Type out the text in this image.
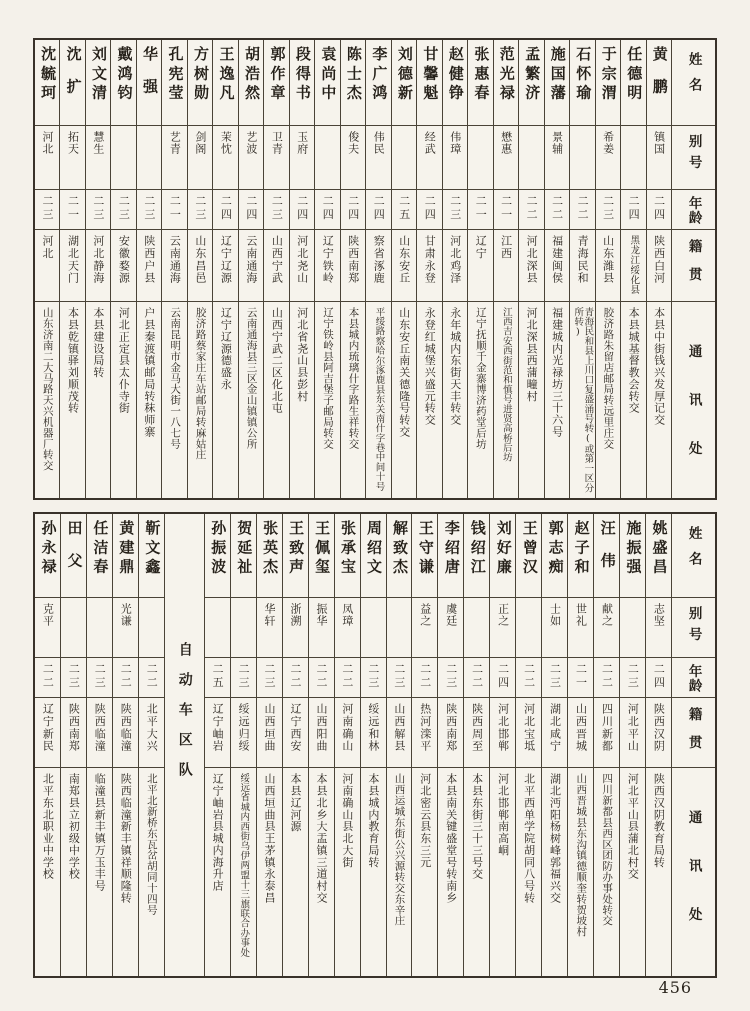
姓名
别号
年龄
籍贯
通讯处
黄鹏
镇国
二四
陕西白河
本县中街钱兴发厚记交
任德明
二四
黑龙江绥化县
本县城基督教会转交
于宗渭
希姜
二三
山东潍县
胶济路朱留店邮局转远里庄交
石怀瑜
二二
青海民和
青海民和县上川口复盛涌号转(或第一区分所转)
施国藩
景辅
二二
福建闽侯
福建城内光禄坊三十六号
孟繁济
二二
河北深县
河北深县西蒲疃村
范光禄
懋惠
二一
江西
江西吉安西街范和慎号进贤高桥后坊
张惠春
二一
辽宁
辽宁抚顺千金寨博济药堂后坊
赵健铮
伟璋
二三
河北鸡泽
永年城内东街天丰转交
甘馨魁
经武
二四
甘肃永登
永登红城堡兴盛元转交
刘德新
二五
山东安丘
山东安丘南关德隆号转交
李广鸿
伟民
二四
察省涿鹿
平绥路察哈尔涿鹿县东关南什字巷中间十号
陈士杰
俊夫
二四
陕西南郑
本县城内琉璃什字路生祥转交
袁尚中
二四
辽宁铁岭
辽宁铁岭县阿吉堡子邮局转交
段得书
玉府
二四
河北尧山
河北省尧山县彭村
郭作章
卫青
二三
山西宁武
山西宁武二区化北屯
胡浩然
艺波
二四
云南通海
云南通海县三区金山镇镇公所
王逸凡
茉忱
二四
辽宁辽源
辽宁辽源德盛永
方树勋
剑阁
二三
山东昌邑
胶济路蔡家庄车站邮局转麻姑庄
孔宪莹
艺青
二一
云南通海
云南昆明市金马大街一八七号
华强
二三
陕西户县
户县秦渡镇邮局转秣师寨
戴鸿钧
二三
安徽婺源
河北正定县太仆寺街
刘文清
慧生
二三
河北静海
本县建设局转
沈扩
拓天
二一
湖北天门
本县乾镇驿刘顺茂转
沈毓珂
河北
二三
河北
山东济南二大马路天兴机器厂转交
姓名
别号
年龄
籍贯
通讯处
姚盛昌
志坚
二四
陕西汉阴
陕西汉阴教育局转
施振强
二三
河北平山
河北平山县蒲北村交
汪伟
献之
二二
四川新都
四川新都县西区团防办事处转交
赵子和
世礼
二一
山西晋城
山西晋城县东沟镇德顺奎转贺坡村
郭志痴
士如
二三
湖北咸宁
湖北沔阳杨树峰郭福兴交
王曾汉
二二
河北宝坻
北平西单学院胡同八号转
刘好廉
正之
二四
河北邯郸
河北邯郸南高峒
钱绍江
二二
陕西周至
本县东街三十三号交
李绍唐
虞廷
二三
陕西南郑
本县南关键盛堂号转南乡
王守谦
益之
二二
热河滦平
河北密云县东三元
解致杰
二三
山西解县
山西运城东街公兴源转交东辛庄
周绍文
二三
绥远和林
本县城内教育局转
张承宝
凤璋
二二
河南确山
河南确山县北大街
王佩玺
振华
二二
山西阳曲
本县北乡大盂镇三道村交
王致声
浙溯
二二
辽宁西安
本县辽河源
张英杰
华轩
二三
山西垣曲
山西垣曲县王茅镇永泰昌
贺延祉
二三
绥远归绥
绥远省城内西街乌伊两盟十三旗联合办事处
孙振波
二五
辽宁岫岩
辽宁岫岩县城内海升店
自动车区队
靳文鑫
二二
北平大兴
北平北新桥东瓦岔胡同十四号
黄建鼎
光谦
二二
陕西临潼
陕西临潼新丰镇祥顺隆转
任洁春
二三
陕西临潼
临潼县新丰镇万玉丰号
田父
二三
陕西南郑
南郑县立初级中学校
孙永禄
克平
二二
辽宁新民
北平东北职业中学校
456
